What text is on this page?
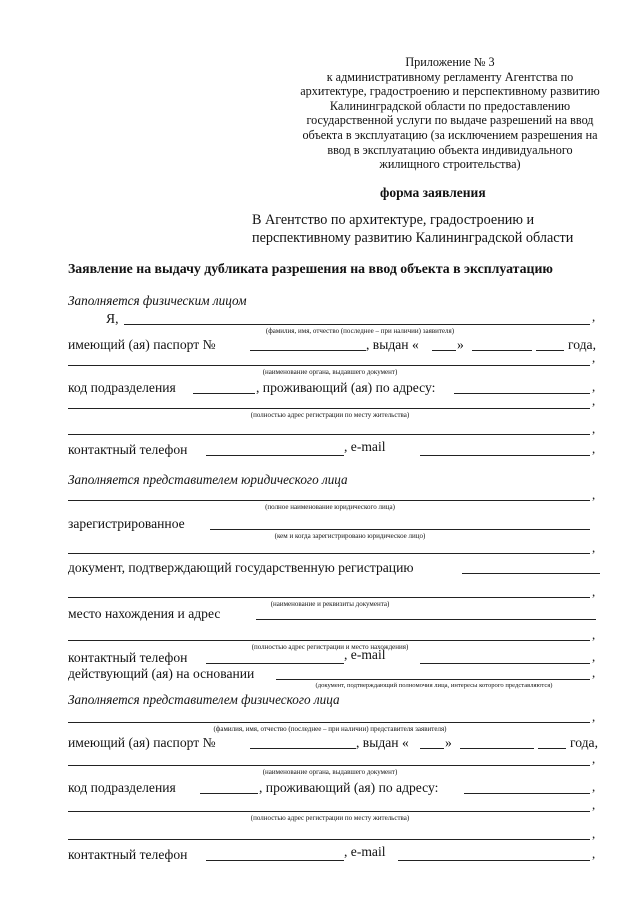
Приложение № 3
к административному регламенту Агентства по
архитектуре, градостроению и перспективному развитию
Калининградской области по предоставлению
государственной услуги по выдаче разрешений на ввод
объекта в эксплуатацию (за исключением разрешения на
ввод в эксплуатацию объекта индивидуального
жилищного строительства)
форма заявления
В Агентство по архитектуре, градостроению и
перспективному развитию Калининградской области
Заявление на выдачу дубликата разрешения на ввод объекта в эксплуатацию
Заполняется физическим лицом
Я,	,
(фамилия, имя, отчество (последнее – при наличии) заявителя)
имеющий (ая) паспорт №	, выдан «	»	года,
,
(наименование органа, выдавшего документ)
код подразделения	, проживающий (ая) по адресу:	,
,
(полностью адрес регистрации по месту жительства)
,
контактный телефон	, e-mail	,
Заполняется представителем юридического лица
,
(полное наименование юридического лица)
зарегистрированное
(кем и когда зарегистрировано юридическое лицо)
,
документ, подтверждающий государственную регистрацию
,
(наименование и реквизиты документа)
место нахождения и адрес
,
(полностью адрес регистрации и место нахождения)
контактный телефон	, e-mail	,
действующий (ая) на основании	,
(документ, подтверждающий полномочия лица, интересы которого представляются)
Заполняется представителем физического лица
,
(фамилия, имя, отчество (последнее – при наличии) представителя заявителя)
имеющий (ая) паспорт №	, выдан «	»	года,
,
(наименование органа, выдавшего документ)
код подразделения	, проживающий (ая) по адресу:	,
,
(полностью адрес регистрации по месту жительства)
,
контактный телефон	, e-mail	,
